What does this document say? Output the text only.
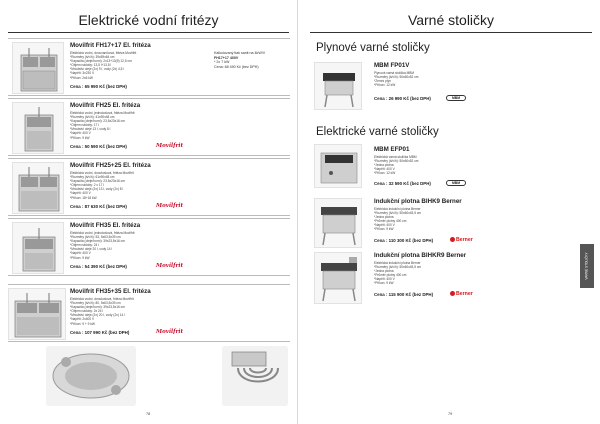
Elektrické vodní fritézy
Movilfrit FH17+17 El. fritéza
Elektrická vodní, dvouvaníková, fritéza Movilfrit
*Rozměry (š/v/h): 39x59x64 cm
*Kapacita (oleje/horní): 2x13+13(9) 12,5 cm
*Objem nádoby: 13,5 l+13,5 l
*Množství oleje (2x) 9 l, vody (2x) 4,5 l
*Napětí: 3x230 V
*Příkon: 2x6 kW
Cena : 65 990 Kč (bez DPH)
Kalkulovaný tlak sanit na 4kW/V
FH17+17 400V
* 2x 7 kW
Cena: 68 490 Kč (bez DPH)
Movilfrit FH25 El. fritéza
Elektrická vodní, jednokošová, fritéza Movilfrit
*Rozměry (š/v/h): 41x90x48 cm
*Kapacita (oleje/horní): 23,5x23x16 cm
*Objem nádoby: 17 l
*Množství oleje 13 l, vody 8 l
*Napětí: 400 V
*Příkon: 9 kW
Cena : 50 590 Kč (bez DPH)	Movilfrit
Movilfrit FH25+25 El. fritéza
Elektrická vodní, dvoukošová, fritéza Movilfrit
*Rozměry (š/v/h): 61x90x48 cm
*Kapacita (oleje/horní): 23,5x23x16 cm
*Objem nádoby: 2 x 17 l
*Množství oleje (2x) 13 l, vody (2x) 8 l
*Napětí: 400 V
*Příkon: 18+18 kW
Cena : 87 630 Kč (bez DPH)	Movilfrit
Movilfrit FH35 El. fritéza
Elektrická vodní, jednokošová, fritéza Movilfrit
*Rozměry (š/v/h): 53, 5x63,5x39 cm
*Kapacita (oleje/horní): 39x23,5x16 cm
*Objem nádoby: 24 l
*Množství oleje 20 l, vody 14 l
*Napětí: 400 V
*Příkon: 9 kW
Cena : 54 390 Kč (bez DPH)	Movilfrit
Movilfrit FH35+35 El. fritéza
Elektrická vodní, dvoukošová, fritéza Movilfrit
*Rozměry (š/v/h): 80, 5x63,5x39 cm
*Kapacita (oleje/horní): 39x23,5x16 cm
*Objem nádoby: 2x 24 l
*Množství oleje (2x) 20 l, vody (2x) 14 l
*Napětí: 2x400 V
*Příkon: 9 + 9 kW
Cena : 107 990 Kč (bez DPH)	Movilfrit
78
Varné stoličky
Plynové varné stoličky
MBM FP01V
Plynová varná stolička MBM
*Rozměry (š/v/h): 50x60x52 cm
*Zemní plyn
*Příkon: 12 kW
Cena : 26 990 Kč (bez DPH)	MBM
Elektrické varné stoličky
MBM EFP01
Elektrická varná stolička MBM
*Rozměry (š/v/h): 50x60x52 cm
*Jedna plotna
*Napětí: 400 V
*Příkon: 12 kW
Cena : 32 590 Kč (bez DPH)	MBM
Indukční plotna BIHK9 Berner
Elektrická indukční plotna Berner
*Rozměry (š/v/h): 50x60x45,5 cm
*Jedna plotna
*Průměr plotny 400 cm
*Napětí: 400 V
*Příkon: 9 kW
Cena : 110 300 Kč (bez DPH)	Berner
Indukční plotna BIHKR9 Berner
Elektrická indukční plotna Berner
*Rozměry (š/v/h): 50x60x45,5 cm
*Jedna plotna
*Průměr plotny 400 cm
*Napětí: 400 V
*Příkon: 9 kW
Cena : 115 900 Kč (bez DPH)	Berner
VARNÉ STOLIČKY
79
